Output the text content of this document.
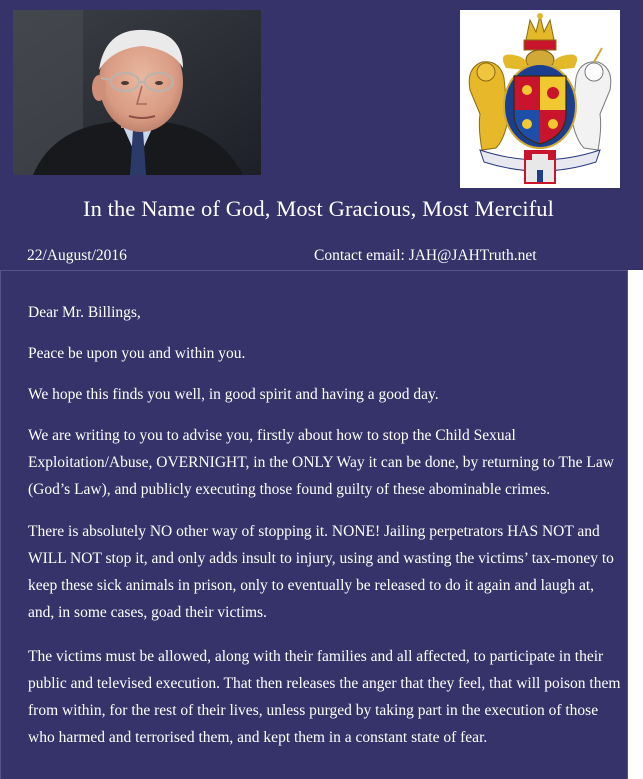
In the Name of God, Most Gracious, Most Merciful
22/August/2016	Contact email: JAH@JAHTruth.net

Dear Mr. Billings,

Peace be upon you and within you.

We hope this finds you well, in good spirit and having a good day.

We are writing to you to advise you, firstly about how to stop the Child Sexual Exploitation/Abuse, OVERNIGHT, in the ONLY Way it can be done, by returning to The Law (God’s Law), and publicly executing those found guilty of these abominable crimes.

There is absolutely NO other way of stopping it. NONE! Jailing perpetrators HAS NOT and WILL NOT stop it, and only adds insult to injury, using and wasting the victims’ tax-money to keep these sick animals in prison, only to eventually be released to do it again and laugh at, and, in some cases, goad their victims.

The victims must be allowed, along with their families and all affected, to participate in their public and televised execution. That then releases the anger that they feel, that will poison them from within, for the rest of their lives, unless purged by taking part in the execution of those who harmed and terrorised them, and kept them in a constant state of fear.
